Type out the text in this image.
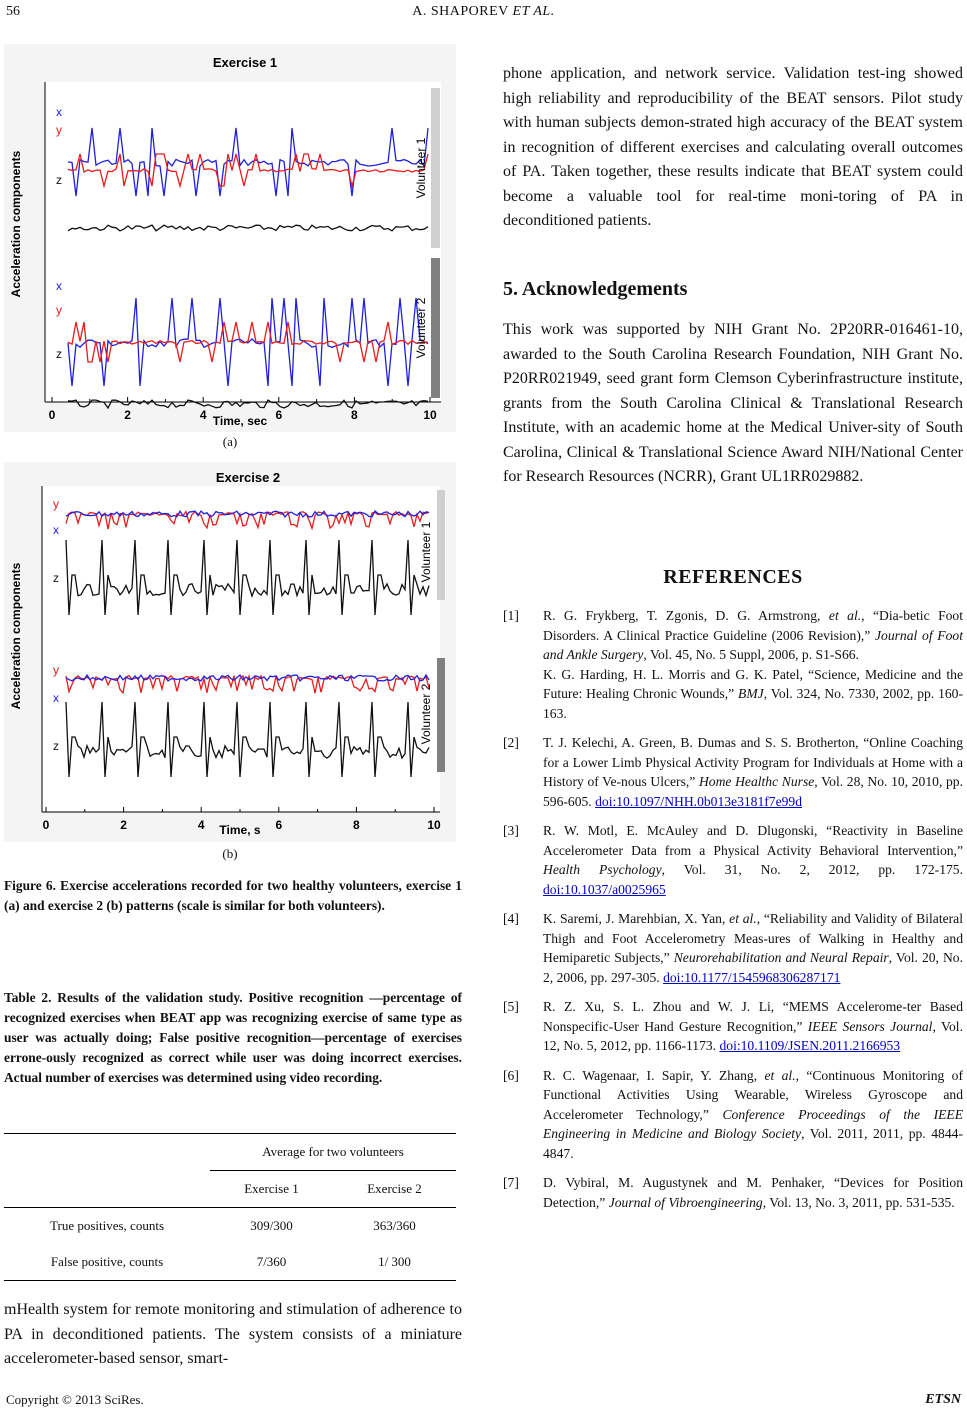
56	A. SHAPOREV ET AL.
Exercise 1
Acceleration components
0	2	4	6	8	10
Time, sec
Volunteer 1
Volunteer 2
x
y
z
x
y
z
(a)
Exercise 2
Acceleration components
0	2	4	6	8	10
Time, s
Volunteer 1
Volunteer 2
y
x
z
y
x
z
(b)
Figure 6. Exercise accelerations recorded for two healthy volunteers, exercise 1 (a) and exercise 2 (b) patterns (scale is similar for both volunteers).
Table 2. Results of the validation study. Positive recognition —percentage of recognized exercises when BEAT app was recognizing exercise of same type as user was actually doing; False positive recognition—percentage of exercises errone-ously recognized as correct while user was doing incorrect exercises. Actual number of exercises was determined using video recording.
	Average for two volunteers	
	Exercise 1	Exercise 2
True positives, counts	309/300	363/360
False positive, counts	7/360	1/ 300
mHealth system for remote monitoring and stimulation of adherence to PA in deconditioned patients. The system consists of a miniature accelerometer-based sensor, smart-
phone application, and network service. Validation test-ing showed high reliability and reproducibility of the BEAT sensors. Pilot study with human subjects demon-strated high accuracy of the BEAT system in recognition of different exercises and calculating overall outcomes of PA. Taken together, these results indicate that BEAT system could become a valuable tool for real-time moni-toring of PA in deconditioned patients.
5. Acknowledgements
This work was supported by NIH Grant No. 2P20RR-016461-10, awarded to the South Carolina Research Foundation, NIH Grant No. P20RR021949, seed grant form Clemson Cyberinfrastructure institute, grants from the South Carolina Clinical & Translational Research Institute, with an academic home at the Medical Univer-sity of South Carolina, Clinical & Translational Science Award NIH/National Center for Research Resources (NCRR), Grant UL1RR029882.
REFERENCES
[1]	R. G. Frykberg, T. Zgonis, D. G. Armstrong, et al., “Dia-betic Foot Disorders. A Clinical Practice Guideline (2006 Revision),” Journal of Foot and Ankle Surgery, Vol. 45, No. 5 Suppl, 2006, p. S1-S66.

K. G. Harding, H. L. Morris and G. K. Patel, “Science, Medicine and the Future: Healing Chronic Wounds,” BMJ, Vol. 324, No. 7330, 2002, pp. 160-163.

[2]	T. J. Kelechi, A. Green, B. Dumas and S. S. Brotherton, “Online Coaching for a Lower Limb Physical Activity Program for Individuals at Home with a History of Ve-nous Ulcers,” Home Healthc Nurse, Vol. 28, No. 10, 2010, pp. 596-605. doi:10.1097/NHH.0b013e3181f7e99d

[3]	R. W. Motl, E. McAuley and D. Dlugonski, “Reactivity in Baseline Accelerometer Data from a Physical Activity Behavioral Intervention,” Health Psychology, Vol. 31, No. 2, 2012, pp. 172-175. doi:10.1037/a0025965

[4]	K. Saremi, J. Marehbian, X. Yan, et al., “Reliability and Validity of Bilateral Thigh and Foot Accelerometry Meas-ures of Walking in Healthy and Hemiparetic Subjects,” Neurorehabilitation and Neural Repair, Vol. 20, No. 2, 2006, pp. 297-305. doi:10.1177/1545968306287171

[5]	R. Z. Xu, S. L. Zhou and W. J. Li, “MEMS Accelerome-ter Based Nonspecific-User Hand Gesture Recognition,” IEEE Sensors Journal, Vol. 12, No. 5, 2012, pp. 1166-1173. doi:10.1109/JSEN.2011.2166953

[6]	R. C. Wagenaar, I. Sapir, Y. Zhang, et al., “Continuous Monitoring of Functional Activities Using Wearable, Wireless Gyroscope and Accelerometer Technology,” Conference Proceedings of the IEEE Engineering in Medicine and Biology Society, Vol. 2011, 2011, pp. 4844-4847.

[7]	D. Vybiral, M. Augustynek and M. Penhaker, “Devices for Position Detection,” Journal of Vibroengineering, Vol. 13, No. 3, 2011, pp. 531-535.

Copyright © 2013 SciRes.	ETSN
